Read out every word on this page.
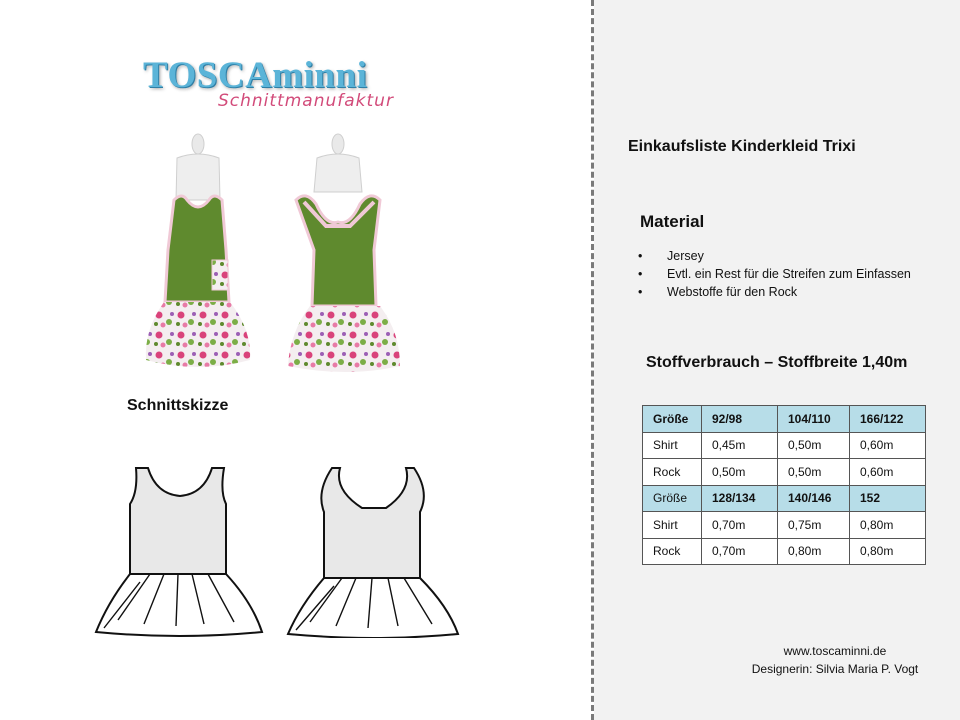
TOSCAminni
Schnittmanufaktur
Schnittskizze
Einkaufsliste Kinderkleid Trixi
Material
• Jersey
• Evtl. ein Rest für die Streifen zum Einfassen
• Webstoffe für den Rock
Stoffverbrauch – Stoffbreite 1,40m
Größe	92/98	104/110	166/122
Shirt	0,45m	0,50m	0,60m
Rock	0,50m	0,50m	0,60m
Größe	128/134	140/146	152
Shirt	0,70m	0,75m	0,80m
Rock	0,70m	0,80m	0,80m
www.toscaminni.de
Designerin: Silvia Maria P. Vogt
